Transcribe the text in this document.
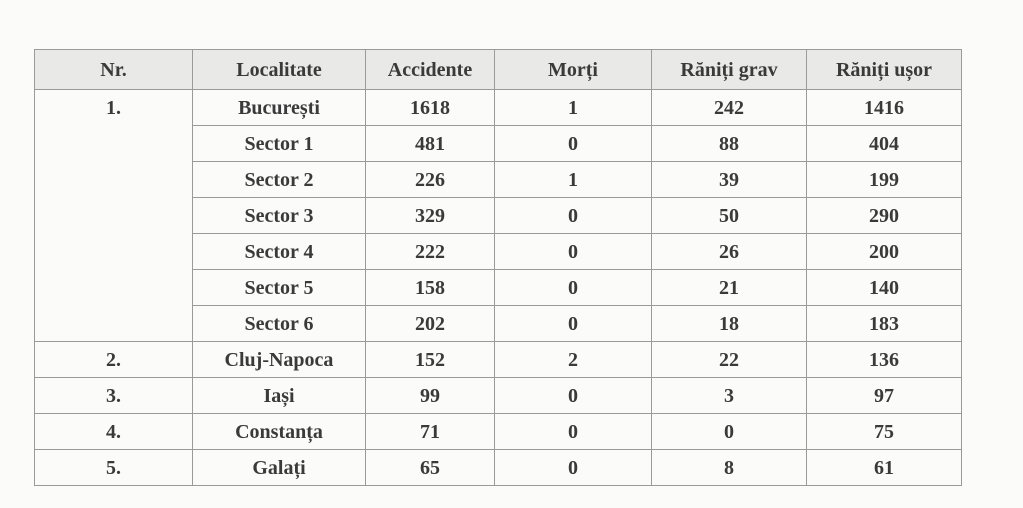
Nr.	Localitate	Accidente	Morți	Răniți grav	Răniți ușor
1.	București	1618	1	242	1416
	Sector 1	481	0	88	404
	Sector 2	226	1	39	199
	Sector 3	329	0	50	290
	Sector 4	222	0	26	200
	Sector 5	158	0	21	140
	Sector 6	202	0	18	183
2.	Cluj-Napoca	152	2	22	136
3.	Iași	99	0	3	97
4.	Constanța	71	0	0	75
5.	Galați	65	0	8	61
